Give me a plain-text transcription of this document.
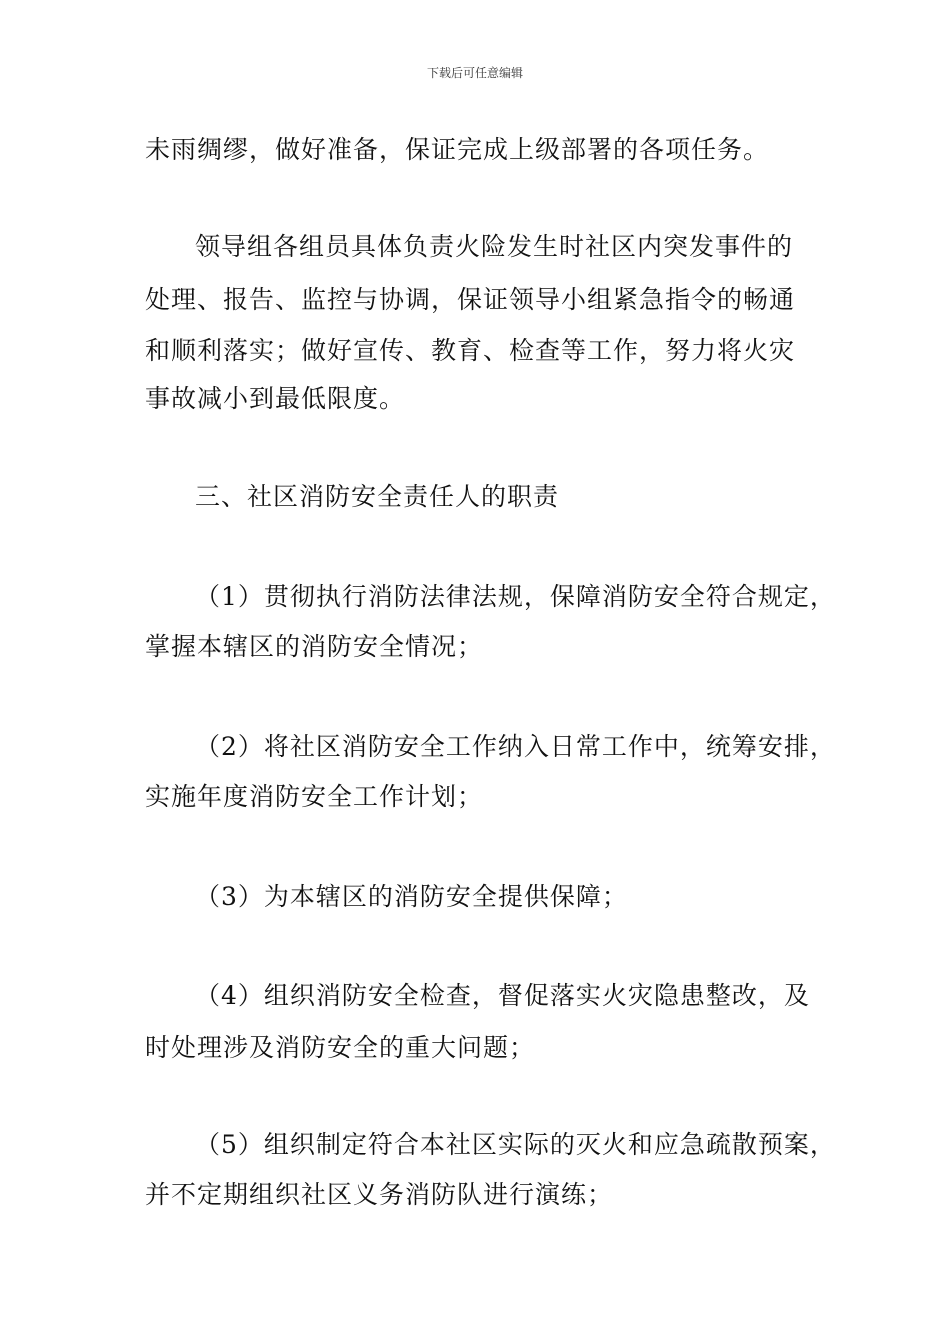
下载后可任意编辑
未雨绸缪，做好准备，保证完成上级部署的各项任务。
领导组各组员具体负责火险发生时社区内突发事件的
处理、报告、监控与协调，保证领导小组紧急指令的畅通
和顺利落实；做好宣传、教育、检查等工作，努力将火灾
事故减小到最低限度。
三、社区消防安全责任人的职责
（1）贯彻执行消防法律法规，保障消防安全符合规定，
掌握本辖区的消防安全情况；
（2）将社区消防安全工作纳入日常工作中，统筹安排，
实施年度消防安全工作计划；
（3）为本辖区的消防安全提供保障；
（4）组织消防安全检查，督促落实火灾隐患整改，及
时处理涉及消防安全的重大问题；
（5）组织制定符合本社区实际的灭火和应急疏散预案，
并不定期组织社区义务消防队进行演练；
